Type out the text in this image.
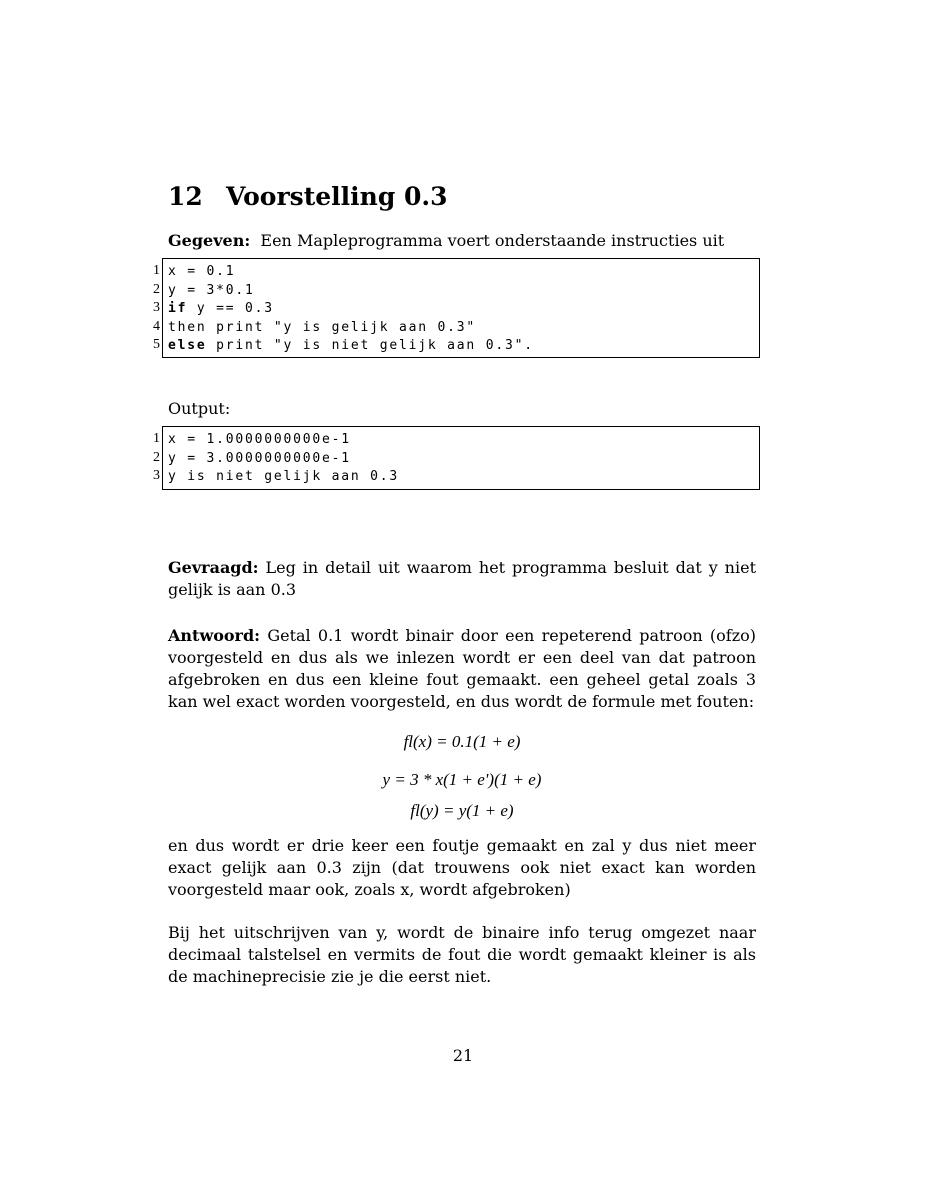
12 Voorstelling 0.3
Gegeven: Een Mapleprogramma voert onderstaande instructies uit
1
2
3
4
5
x = 0.1
y = 3*0.1
if y == 0.3
then print "y is gelijk aan 0.3"
else print "y is niet gelijk aan 0.3".
Output:
1
2
3
x = 1.0000000000e-1
y = 3.0000000000e-1
y is niet gelijk aan 0.3
Gevraagd: Leg in detail uit waarom het programma besluit dat y niet gelijk is aan 0.3
Antwoord: Getal 0.1 wordt binair door een repeterend patroon (ofzo) voorgesteld en dus als we inlezen wordt er een deel van dat patroon afgebroken en dus een kleine fout gemaakt. een geheel getal zoals 3 kan wel exact worden voorgesteld, en dus wordt de formule met fouten:
fl(x) = 0.1(1 + e)
y = 3 * x(1 + e')(1 + e)
fl(y) = y(1 + e)
en dus wordt er drie keer een foutje gemaakt en zal y dus niet meer exact gelijk aan 0.3 zijn (dat trouwens ook niet exact kan worden voorgesteld maar ook, zoals x, wordt afgebroken)
Bij het uitschrijven van y, wordt de binaire info terug omgezet naar decimaal talstelsel en vermits de fout die wordt gemaakt kleiner is als de machineprecisie zie je die eerst niet.
21
